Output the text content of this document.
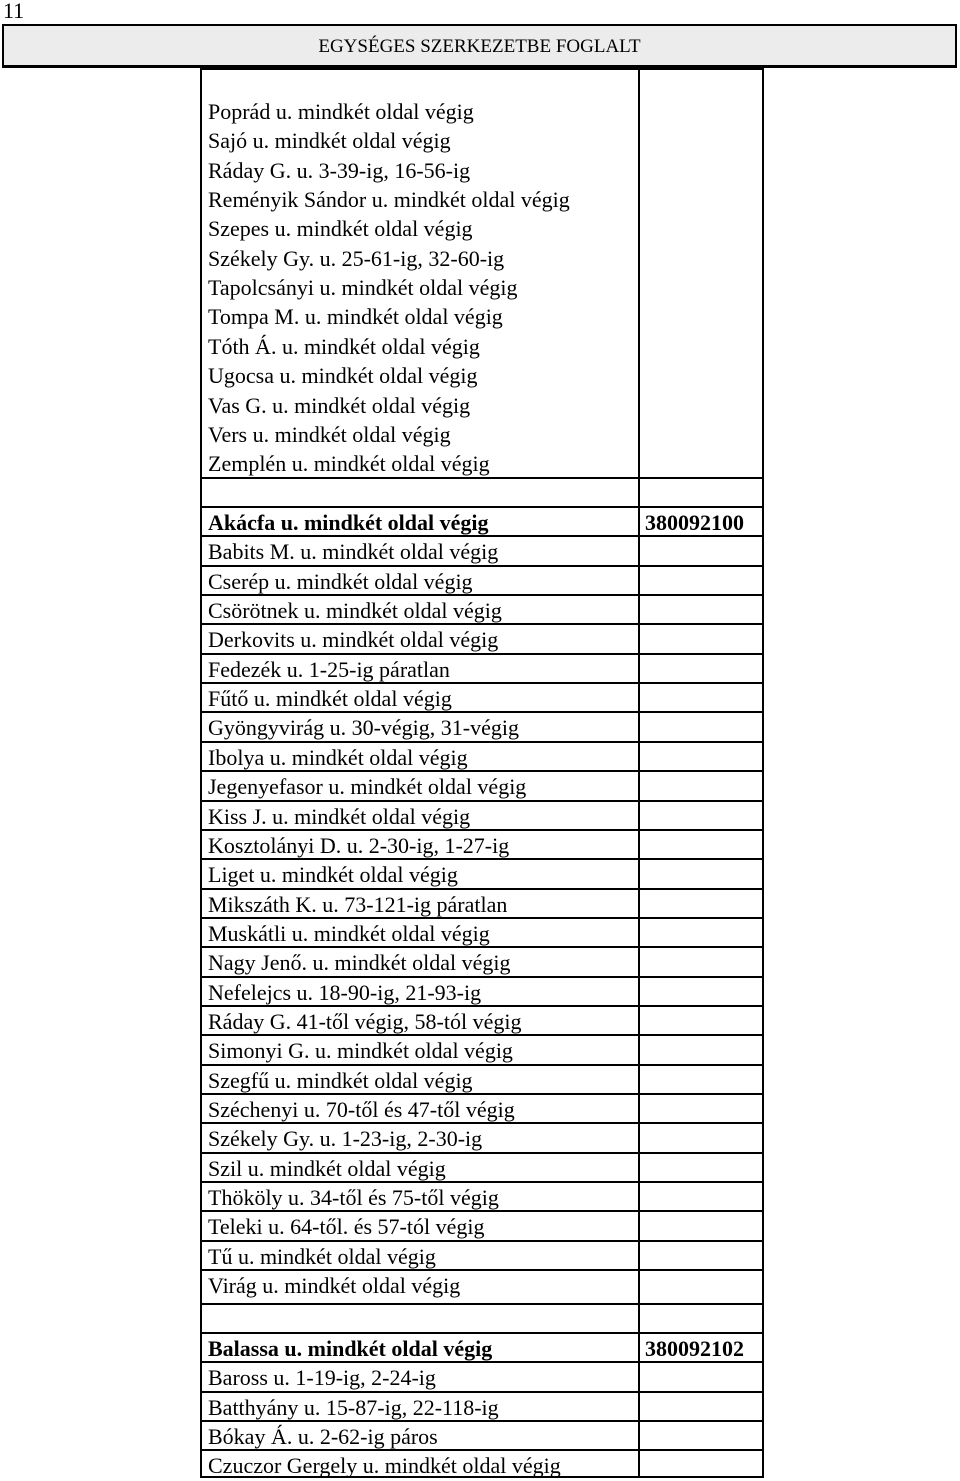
11
EGYSÉGES SZERKEZETBE FOGLALT
Poprád u. mindkét oldal végig
Sajó u. mindkét oldal végig
Ráday G. u. 3-39-ig, 16-56-ig
Reményik Sándor u. mindkét oldal végig
Szepes u. mindkét oldal végig
Székely Gy. u. 25-61-ig, 32-60-ig
Tapolcsányi u. mindkét oldal végig
Tompa M. u. mindkét oldal végig
Tóth Á. u. mindkét oldal végig
Ugocsa u. mindkét oldal végig
Vas G. u. mindkét oldal végig
Vers u. mindkét oldal végig
Zemplén u. mindkét oldal végig
Akácfa u. mindkét oldal végig	380092100
Babits M. u. mindkét oldal végig
Cserép u. mindkét oldal végig
Csörötnek u. mindkét oldal végig
Derkovits u. mindkét oldal végig
Fedezék u. 1-25-ig páratlan
Fűtő u. mindkét oldal végig
Gyöngyvirág u. 30-végig, 31-végig
Ibolya u. mindkét oldal végig
Jegenyefasor u. mindkét oldal végig
Kiss J. u. mindkét oldal végig
Kosztolányi D. u. 2-30-ig, 1-27-ig
Liget u. mindkét oldal végig
Mikszáth K. u. 73-121-ig páratlan
Muskátli u. mindkét oldal végig
Nagy Jenő. u. mindkét oldal végig
Nefelejcs u. 18-90-ig, 21-93-ig
Ráday G. 41-től végig, 58-tól végig
Simonyi G. u. mindkét oldal végig
Szegfű u. mindkét oldal végig
Széchenyi u. 70-től és 47-től végig
Székely Gy. u. 1-23-ig, 2-30-ig
Szil u. mindkét oldal végig
Thököly u. 34-től és 75-től végig
Teleki u. 64-től. és 57-tól végig
Tű u. mindkét oldal végig
Virág u. mindkét oldal végig
Balassa u. mindkét oldal végig	380092102
Baross u. 1-19-ig, 2-24-ig
Batthyány u. 15-87-ig, 22-118-ig
Bókay Á. u. 2-62-ig páros
Czuczor Gergely u. mindkét oldal végig
